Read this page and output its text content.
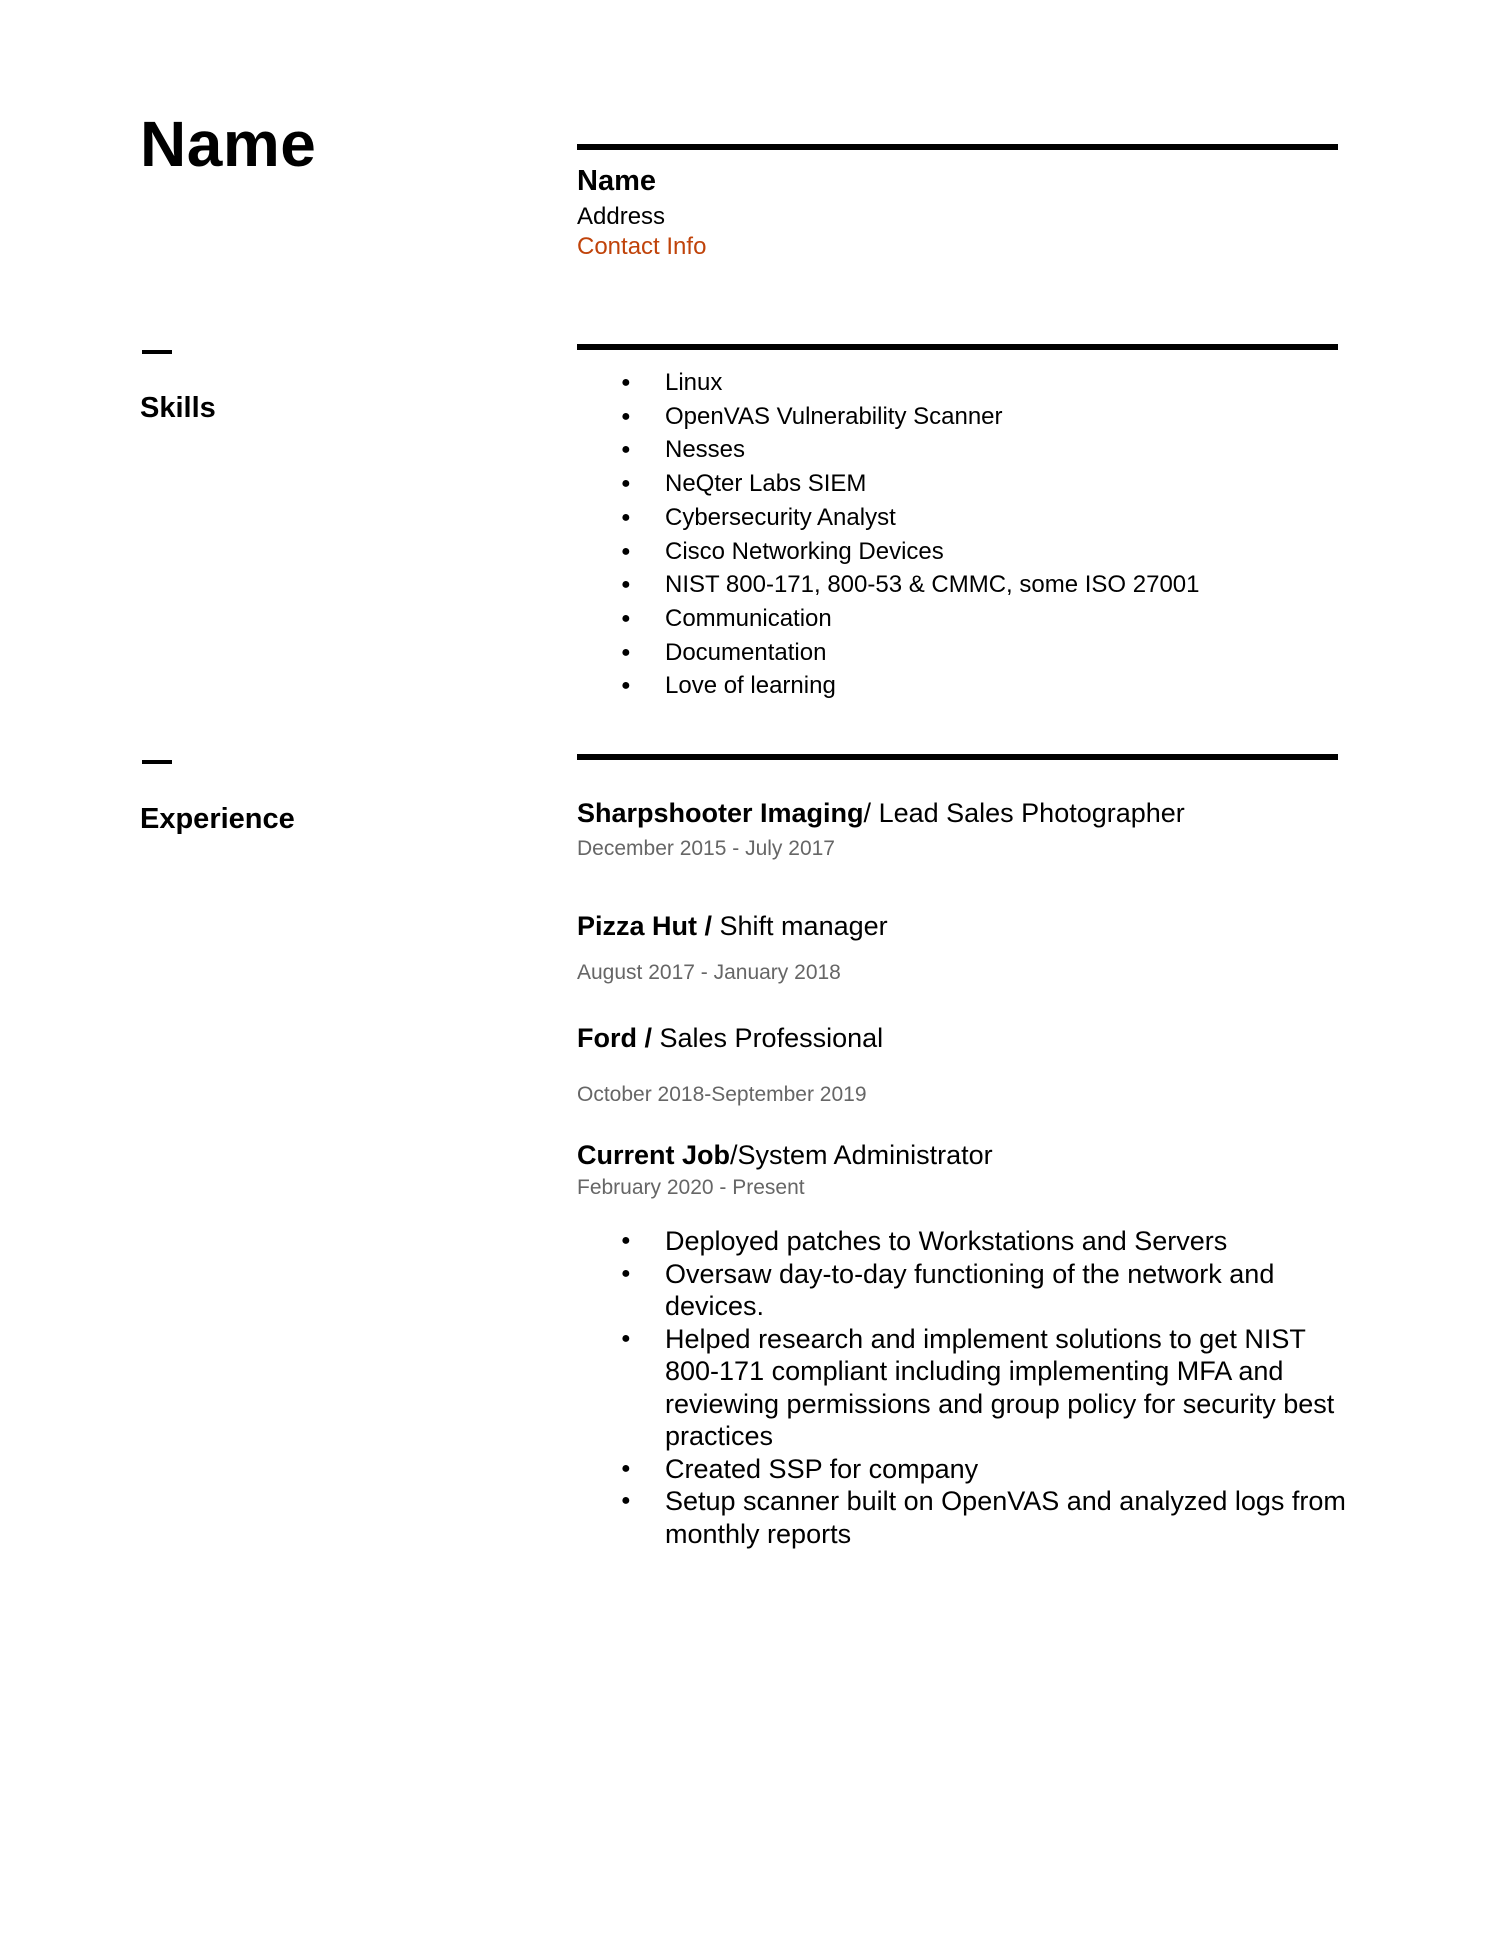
Name
Name
Address
Contact Info
Skills
● Linux
● OpenVAS Vulnerability Scanner
● Nesses
● NeQter Labs SIEM
● Cybersecurity Analyst
● Cisco Networking Devices
● NIST 800-171, 800-53 & CMMC, some ISO 27001
● Communication
● Documentation
● Love of learning
Experience	Sharpshooter Imaging/ Lead Sales Photographer
December 2015 - July 2017
Pizza Hut / Shift manager
August 2017 - January 2018
Ford / Sales Professional
October 2018-September 2019
Current Job/System Administrator
February 2020 - Present
● Deployed patches to Workstations and Servers
● Oversaw day-to-day functioning of the network and devices.
● Helped research and implement solutions to get NIST 800-171 compliant including implementing MFA and reviewing permissions and group policy for security best practices
● Created SSP for company
● Setup scanner built on OpenVAS and analyzed logs from monthly reports
